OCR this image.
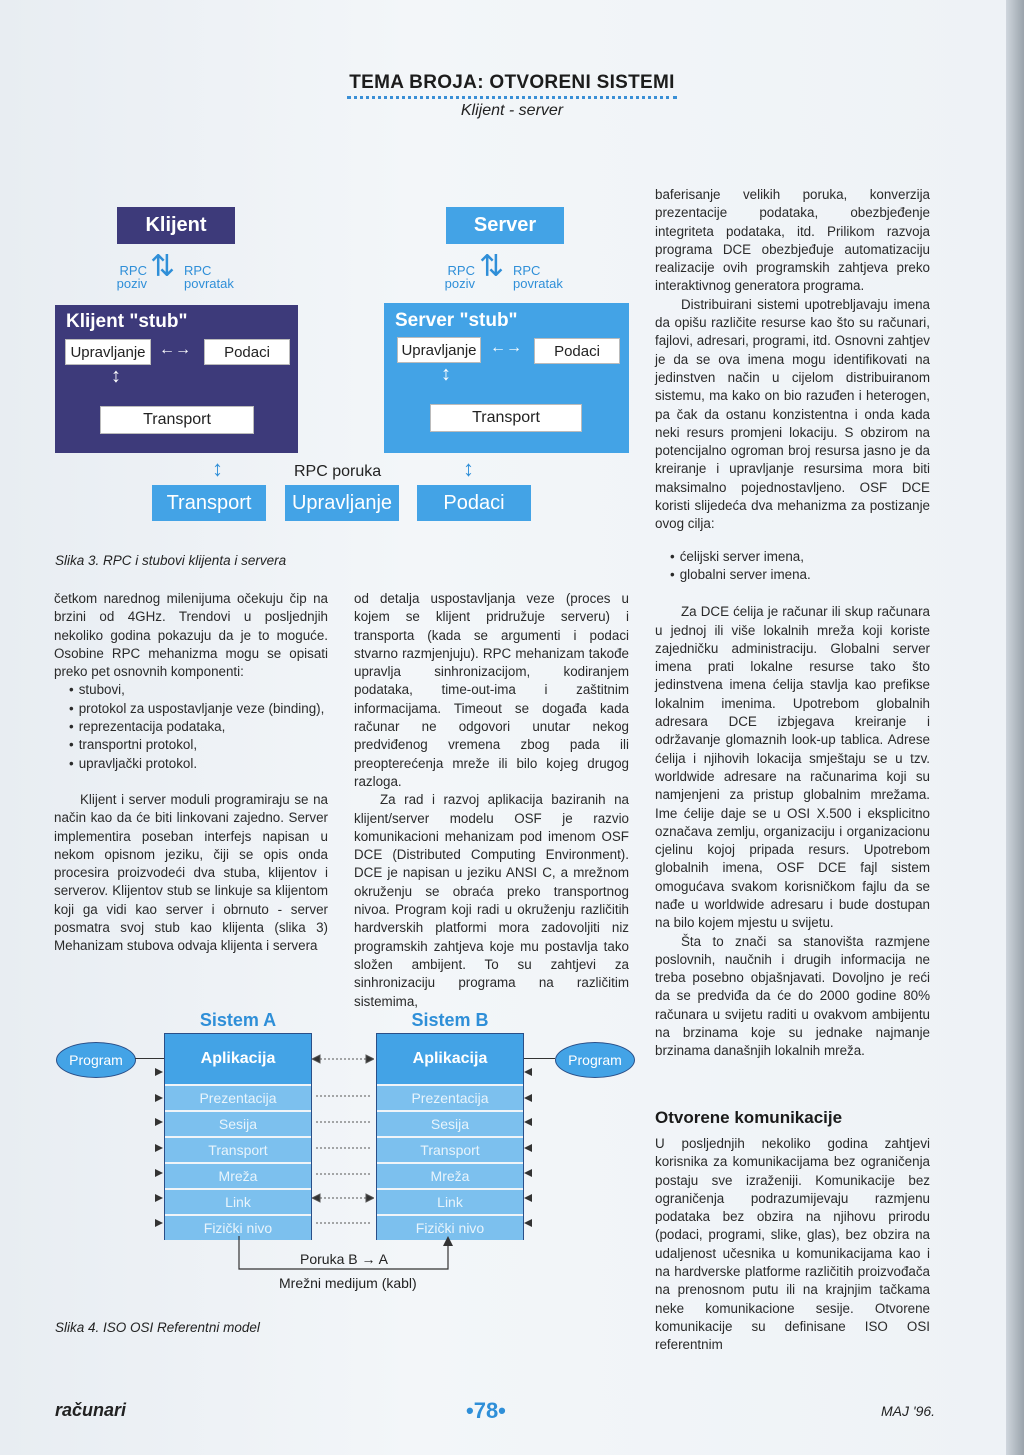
TEMA BROJA: OTVORENI SISTEMI
Klijent - server
Klijent	Server
RPC
poziv
⇅ RPC
povratak
RPC
poziv
⇅ RPC
povratak
Klijent "stub"
Upravljanje ←→	Podaci
↕
Transport
Server "stub"
Upravljanje ←→	Podaci
↕
Transport
↕	↕
RPC poruka
Transport	Upravljanje	Podaci
Slika 3. RPC i stubovi klijenta i servera

baferisanje velikih poruka, konverzija prezentacije podataka, obezbjeđenje integriteta podataka, itd. Prilikom razvoja programa DCE obezbjeđuje automatizaciju realizacije ovih programskih zahtjeva preko interaktivnog generatora programa.

Distribuirani sistemi upotrebljavaju imena da opišu različite resurse kao što su računari, fajlovi, adresari, programi, itd. Osnovni zahtjev je da se ova imena mogu identifikovati na jedinstven način u cijelom distribuiranom sistemu, ma kako on bio razuđen i heterogen, pa čak da ostanu konzistentna i onda kada neki resurs promjeni lokaciju. S obzirom na potencijalno ogroman broj resursa jasno je da kreiranje i upravljanje resursima mora biti maksimalno pojednostavljeno. OSF DCE koristi slijedeća dva mehanizma za postizanje ovog cilja:

• ćelijski server imena,
• globalni server imena.

Za DCE ćelija je računar ili skup računara u jednoj ili više lokalnih mreža koji koriste zajedničku administraciju. Globalni server imena prati lokalne resurse tako što jedinstvena imena ćelija stavlja kao prefikse lokalnim imenima. Upotrebom globalnih adresara DCE izbjegava kreiranje i održavanje glomaznih look-up tablica. Adrese ćelija i njihovih lokacija smještaju se u tzv. worldwide adresare na računarima koji su namjenjeni za pristup globalnim mrežama. Ime ćelije daje se u OSI X.500 i eksplicitno označava zemlju, organizaciju i organizacionu cjelinu kojoj pripada resurs. Upotrebom globalnih imena, OSF DCE fajl sistem omogućava svakom korisničkom fajlu da se nađe u worldwide adresaru i bude dostupan na bilo kojem mjestu u svijetu.

Šta to znači sa stanovišta razmjene poslovnih, naučnih i drugih informacija ne treba posebno objašnjavati. Dovoljno je reći da se predviđa da će do 2000 godine 80% računara u svijetu raditi u ovakvom ambijentu na brzinama koje su jednake najmanje brzinama današnjih lokalnih mreža.

Otvorene komunikacije

U posljednjih nekoliko godina zahtjevi korisnika za komunikacijama bez ograničenja postaju sve izraženiji. Komunikacije bez ograničenja podrazumijevaju razmjenu podataka bez obzira na njihovu prirodu (podaci, programi, slike, glas), bez obzira na udaljenost učesnika u komunikacijama kao i na hardverske platforme različitih proizvođača na prenosnom putu ili na krajnjim tačkama neke komunikacione sesije. Otvorene komunikacije su definisane ISO OSI referentnim

četkom narednog milenijuma očekuju čip na brzini od 4GHz. Trendovi u posljednjih nekoliko godina pokazuju da je to moguće. Osobine RPC mehanizma mogu se opisati preko pet osnovnih komponenti:

• stubovi,
• protokol za uspostavljanje veze (binding),
• reprezentacija podataka,
• transportni protokol,
• upravljački protokol.

Klijent i server moduli programiraju se na način kao da će biti linkovani zajedno. Server implementira poseban interfejs napisan u nekom opisnom jeziku, čiji se opis onda procesira proizvodeći dva stuba, klijentov i serverov. Klijentov stub se linkuje sa klijentom koji ga vidi kao server i obrnuto - server posmatra svoj stub kao klijenta (slika 3) Mehanizam stubova odvaja klijenta i servera

od detalja uspostavljanja veze (proces u kojem se klijent pridružuje serveru) i transporta (kada se argumenti i podaci stvarno razmjenjuju). RPC mehanizam takođe upravlja sinhronizacijom, kodiranjem podataka, time-out-ima i zaštitnim informacijama. Timeout se događa kada računar ne odgovori unutar nekog predviđenog vremena zbog pada ili preopterećenja mreže ili bilo kojeg drugog razloga.

Za rad i razvoj aplikacija baziranih na klijent/server modelu OSF je razvio komunikacioni mehanizam pod imenom OSF DCE (Distributed Computing Environment). DCE je napisan u jeziku ANSI C, a mrežnom okruženju se obraća preko transportnog nivoa. Program koji radi u okruženju različitih hardverskih platformi mora zadovoljiti niz programskih zahtjeva koje mu postavlja tako složen ambijent. To su zahtjevi za sinhronizaciju programa na različitim sistemima,

Sistem A	Sistem B
Program	Program
Aplikacija
Prezentacija
Sesija
Transport
Mreža
Link
Fizički nivo
Aplikacija
Prezentacija
Sesija
Transport
Mreža
Link
Fizički nivo
Poruka B → A
Mrežni medijum (kabl)
Slika 4. ISO OSI Referentni model
računari	•78•	MAJ '96.
